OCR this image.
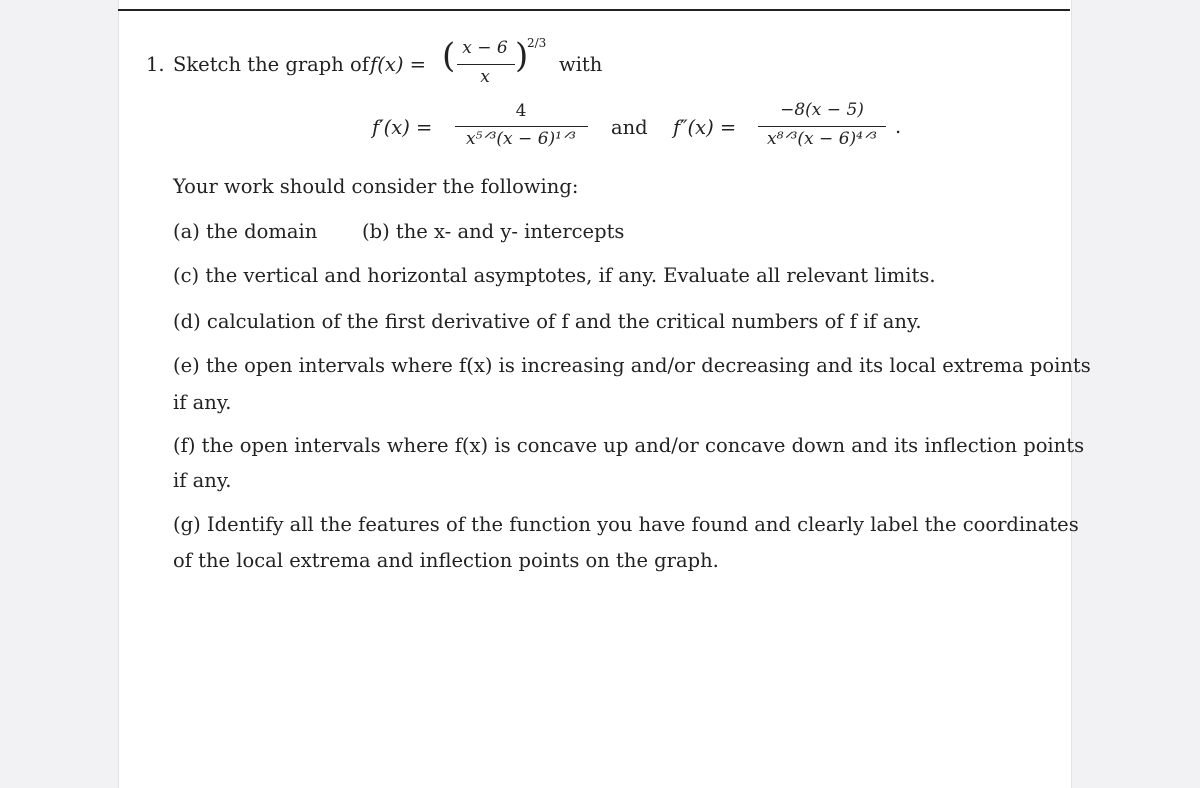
1. Sketch the graph of f(x) = ( x − 6
x
)
2/3
with
f′(x) =
4
x⁵ᐟ³(x − 6)¹ᐟ³	and f″(x) =
−8(x − 5)
x⁸ᐟ³(x − 6)⁴ᐟ³
.
Your work should consider the following:
(a) the domain (b) the x- and y- intercepts
(c) the vertical and horizontal asymptotes, if any. Evaluate all relevant limits.
(d) calculation of the first derivative of f and the critical numbers of f if any.
(e) the open intervals where f(x) is increasing and/or decreasing and its local extrema points
if any.
(f) the open intervals where f(x) is concave up and/or concave down and its inflection points
if any.
(g) Identify all the features of the function you have found and clearly label the coordinates
of the local extrema and inflection points on the graph.
